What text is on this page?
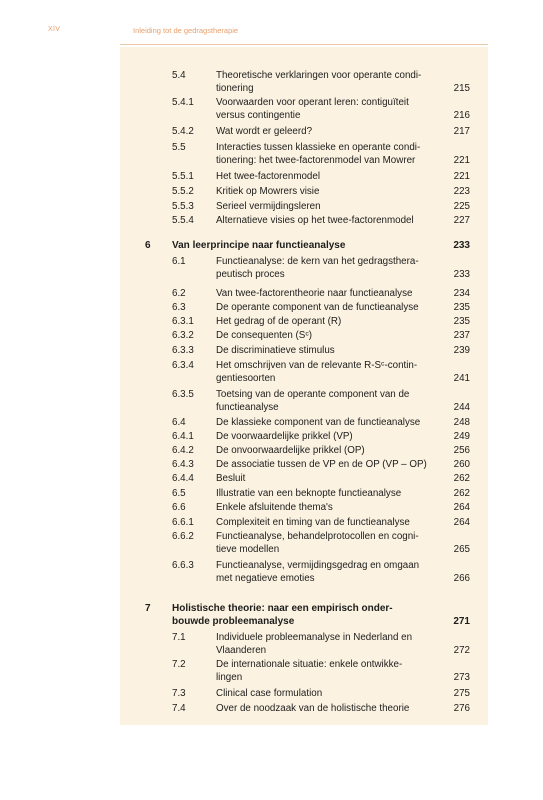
XIV	Inleiding tot de gedragstherapie
5.4	Theoretische verklaringen voor operante condi-
tionering	215
5.4.1 Voorwaarden voor operant leren: contiguïteit
versus contingentie	216
5.4.2 Wat wordt er geleerd?	217
5.5	Interacties tussen klassieke en operante condi-
tionering: het twee-factorenmodel van Mowrer	221
5.5.1 Het twee-factorenmodel	221
5.5.2 Kritiek op Mowrers visie	223
5.5.3 Serieel vermijdingsleren	225
5.5.4 Alternatieve visies op het twee-factorenmodel	227
6 Van leerprincipe naar functieanalyse	233
6.1	Functieanalyse: de kern van het gedragsthera-
peutisch proces	233
6.2	Van twee-factorentheorie naar functieanalyse	234
6.3	De operante component van de functieanalyse	235
6.3.1 Het gedrag of de operant (R)	235
6.3.2 De consequenten (Sᶜ)	237
6.3.3 De discriminatieve stimulus	239
6.3.4 Het omschrijven van de relevante R-Sᶜ-contin-
gentiesoorten	241
6.3.5 Toetsing van de operante component van de
functieanalyse	244
6.4	De klassieke component van de functieanalyse	248
6.4.1 De voorwaardelijke prikkel (VP)	249
6.4.2 De onvoorwaardelijke prikkel (OP)	256
6.4.3 De associatie tussen de VP en de OP (VP – OP)	260
6.4.4 Besluit	262
6.5	Illustratie van een beknopte functieanalyse	262
6.6	Enkele afsluitende thema's	264
6.6.1 Complexiteit en timing van de functieanalyse	264
6.6.2 Functieanalyse, behandelprotocollen en cogni-
tieve modellen	265
6.6.3 Functieanalyse, vermijdingsgedrag en omgaan
met negatieve emoties	266
7 Holistische theorie: naar een empirisch onder-
bouwde probleemanalyse	271
7.1	Individuele probleemanalyse in Nederland en
Vlaanderen	272
7.2	De internationale situatie: enkele ontwikke-
lingen	273
7.3	Clinical case formulation	275
7.4	Over de noodzaak van de holistische theorie	276
